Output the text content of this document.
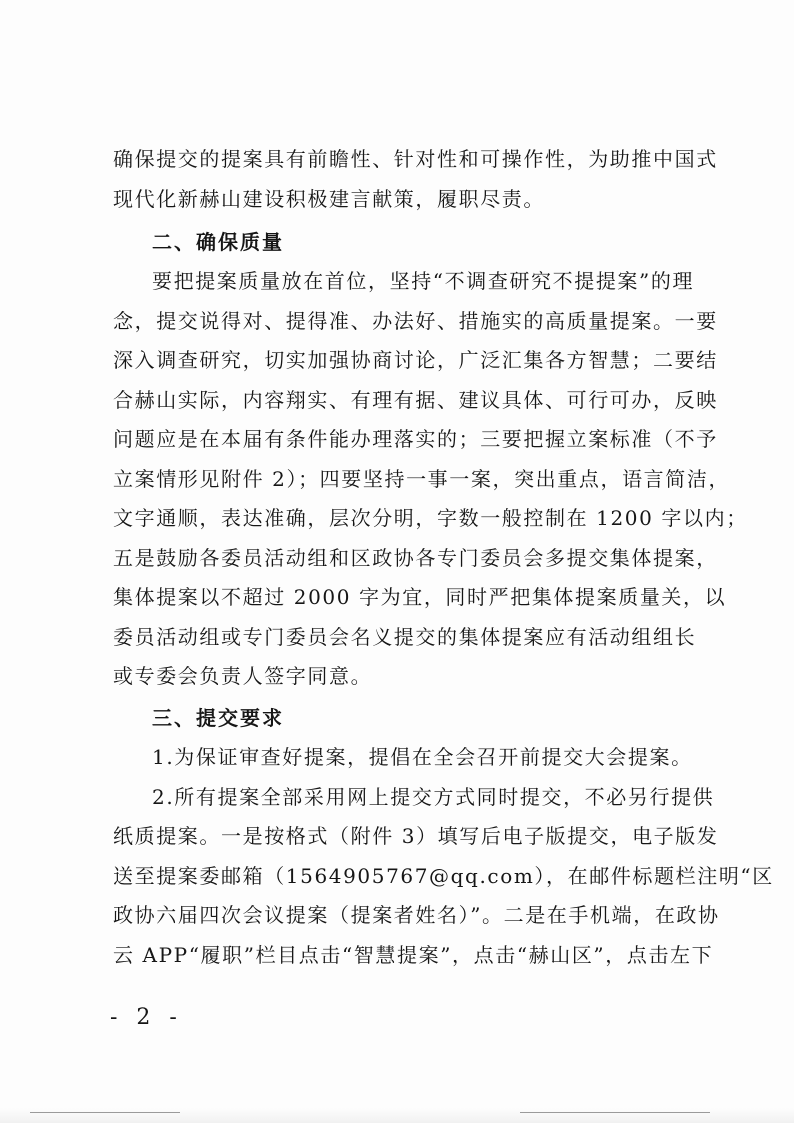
确保提交的提案具有前瞻性、针对性和可操作性，为助推中国式
现代化新赫山建设积极建言献策，履职尽责。
二、确保质量
要把提案质量放在首位，坚持“不调查研究不提提案”的理
念，提交说得对、提得准、办法好、措施实的高质量提案。一要
深入调查研究，切实加强协商讨论，广泛汇集各方智慧；二要结
合赫山实际，内容翔实、有理有据、建议具体、可行可办，反映
问题应是在本届有条件能办理落实的；三要把握立案标准（不予
立案情形见附件 2）；四要坚持一事一案，突出重点，语言简洁，
文字通顺，表达准确，层次分明，字数一般控制在 1200 字以内；
五是鼓励各委员活动组和区政协各专门委员会多提交集体提案，
集体提案以不超过 2000 字为宜，同时严把集体提案质量关，以
委员活动组或专门委员会名义提交的集体提案应有活动组组长
或专委会负责人签字同意。
三、提交要求
1.为保证审查好提案，提倡在全会召开前提交大会提案。
2.所有提案全部采用网上提交方式同时提交，不必另行提供
纸质提案。一是按格式（附件 3）填写后电子版提交，电子版发
送至提案委邮箱（1564905767@qq.com），在邮件标题栏注明“区
政协六届四次会议提案（提案者姓名）”。二是在手机端，在政协
云 APP“履职”栏目点击“智慧提案”，点击“赫山区”，点击左下
- 2 -
